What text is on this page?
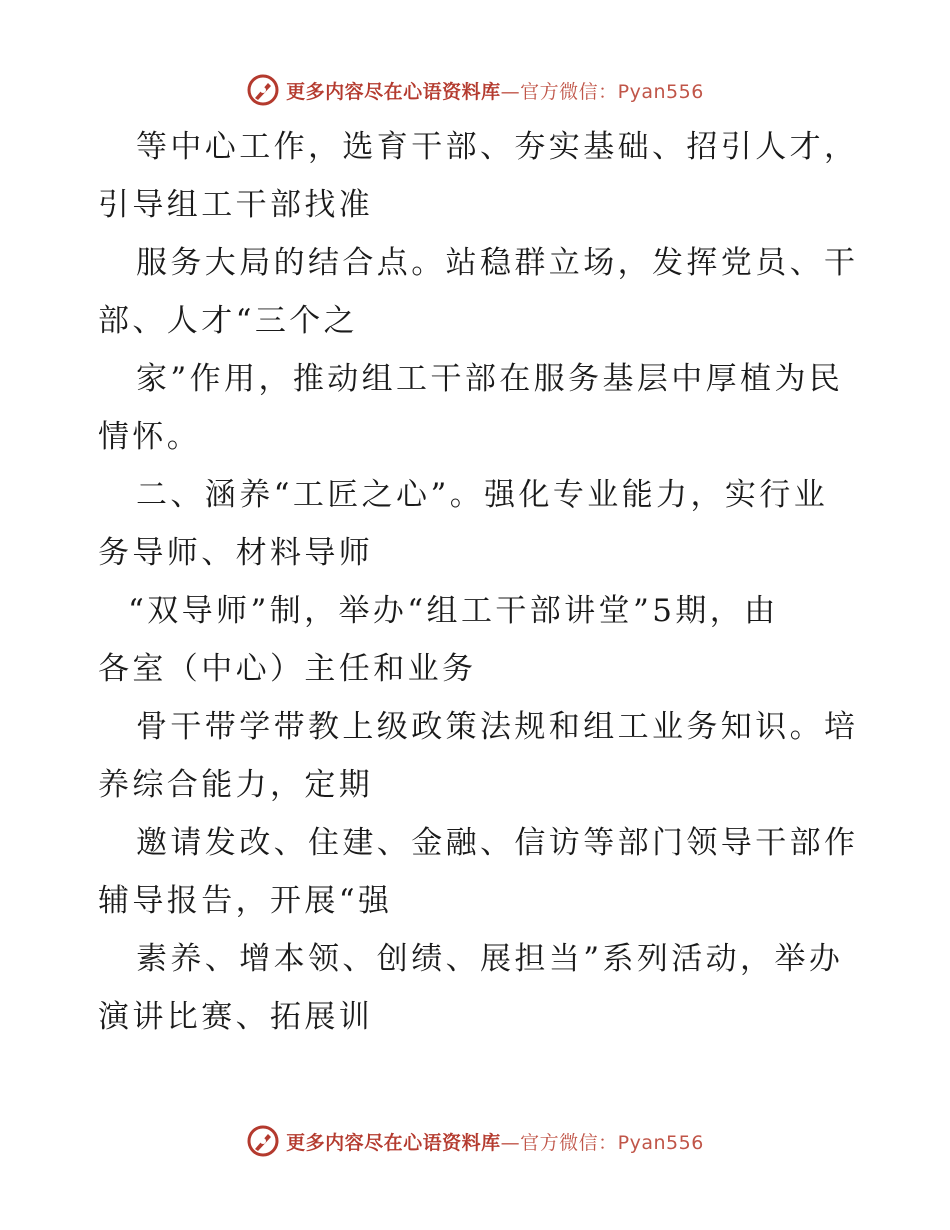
更多内容尽在心语资料库—官方微信：Pyan556
等中心工作，选育干部、夯实基础、招引人才，
引导组工干部找准
服务大局的结合点。站稳群立场，发挥党员、干
部、人才“三个之
家”作用，推动组工干部在服务基层中厚植为民
情怀。
二、涵养“工匠之心”。强化专业能力，实行业
务导师、材料导师
“双导师”制，举办“组工干部讲堂”5期，由
各室（中心）主任和业务
骨干带学带教上级政策法规和组工业务知识。培
养综合能力，定期
邀请发改、住建、金融、信访等部门领导干部作
辅导报告，开展“强
素养、增本领、创绩、展担当”系列活动，举办
演讲比赛、拓展训
更多内容尽在心语资料库—官方微信：Pyan556
